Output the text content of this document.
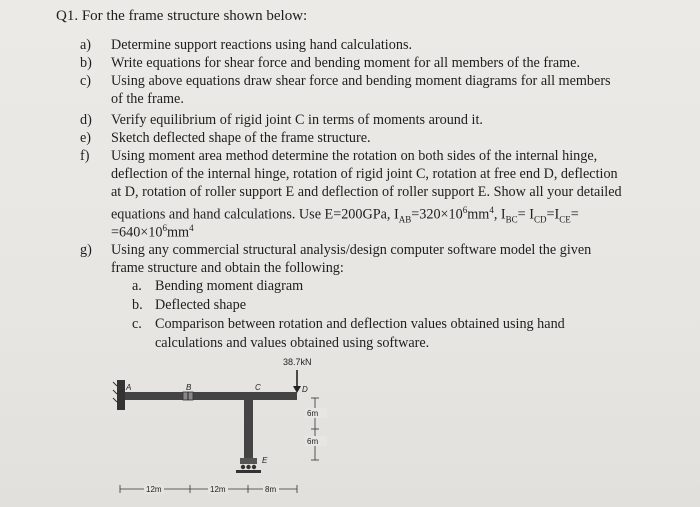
Q1. For the frame structure shown below:
a) Determine support reactions using hand calculations.
b) Write equations for shear force and bending moment for all members of the frame.
c) Using above equations draw shear force and bending moment diagrams for all members
of the frame.
d) Verify equilibrium of rigid joint C in terms of moments around it.
e) Sketch deflected shape of the frame structure.
f) Using moment area method determine the rotation on both sides of the internal hinge,
deflection of the internal hinge, rotation of rigid joint C, rotation at free end D, deflection
at D, rotation of roller support E and deflection of roller support E. Show all your detailed
equations and hand calculations. Use E=200GPa, $I_{AB}=320\times 10^6mm^4$, $I_{BC}= I_{CD}=I_{CE}=$
$=640\times 10^6mm^4$
g) Using any commercial structural analysis/design computer software model the given
frame structure and obtain the following:
a. Bending moment diagram
b. Deflected shape
c. Comparison between rotation and deflection values obtained using hand
calculations and values obtained using software.
38.7kN
A	B	C	D
E
6m
6m
12m	12m	8m
